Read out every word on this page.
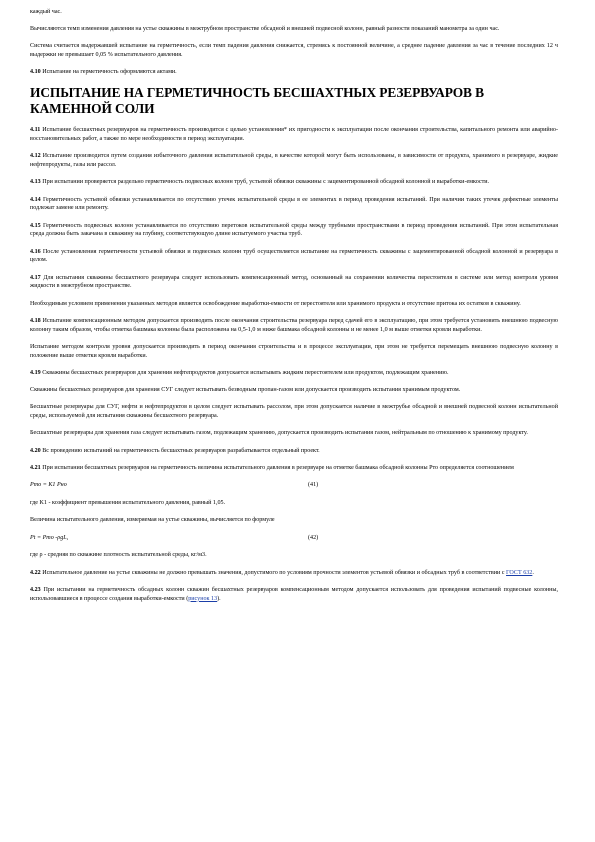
каждый час.

Вычисляются темп изменения давления на устье скважины в межтрубном пространстве обсадной и внешней подвесной колонн, равный разности показаний манометра за один час.

Система считается выдержавшей испытание на герметичность, если темп падения давления снижается, стремясь к постоянной величине, а среднее падение давления за час в течение последних 12 ч выдержки не превышает 0,05 % испытательного давления.

4.10 Испытание на герметичность оформляются актами.

ИСПЫТАНИЕ НА ГЕРМЕТИЧНОСТЬ БЕСШАХТНЫХ РЕЗЕРВУАРОВ В КАМЕННОЙ СОЛИ

4.11 Испытание бесшахтных резервуаров на герметичность производится с целью установления* их пригодности к эксплуатации после окончания строительства, капитального ремонта или аварийно-восстановительных работ, а также по мере необходимости в период эксплуатации.

4.12 Испытание производится путем создания избыточного давления испытательной среды, в качестве которой могут быть использованы, в зависимости от продукта, хранимого в резервуаре, жидкие нефтепродукты, газы или рассол.

4.13 При испытании проверяется раздельно герметичность подвесных колонн труб, устьевой обвязки скважины с зацементированной обсадной колонной и выработки-емкости.

4.14 Герметичность устьевой обвязки устанавливается по отсутствию утечек испытательной среды в ее элементах в период проведения испытаний. При наличии таких утечек дефектные элементы подлежат замене или ремонту.

4.15 Герметичность подвесных колонн устанавливается по отсутствию перетоков испытательной среды между трубными пространствами в период проведения испытаний. При этом испытательная среда должна быть закачана в скважину на глубину, соответствующую длине испытуемого участка труб.

4.16 После установления герметичности устьевой обвязки и подвесных колонн труб осуществляется испытание на герметичность скважины с зацементированной обсадной колонной и резервуара в целом.

4.17 Для испытания скважины бесшахтного резервуара следует использовать компенсационный метод, основанный на сохранении количества перестоятеля в системе или метод контроля уровня жидкости в межтрубном пространстве.

Необходимым условием применения указанных методов является освобождение выработки-емкости от перестоятеля или хранимого продукта и отсутствие притока их остатков в скважину.

4.18 Испытание компенсационным методом допускается производить после окончания строительства резервуара перед сдачей его в эксплуатацию, при этом требуется установить внешнюю подвесную колонну таким образом, чтобы отметка башмака колонны была расположена на 0,5-1,0 м ниже башмака обсадной колонны и не менее 1,0 м выше отметки кровли выработки.

Испытание методом контроля уровня допускается производить в период окончания строительства и в процессе эксплуатации, при этом не требуется перемещать внешнюю подвесную колонну в положение выше отметки кровли выработки.

4.19 Скважины бесшахтных резервуаров для хранения нефтепродуктов допускается испытывать жидким перестоятелем или продуктом, подлежащим хранению.

Скважины бесшахтных резервуаров для хранения СУГ следует испытывать безводным пропан-газом или допускается производить испытания хранимым продуктом.

Бесшахтные резервуары для СУГ, нефти и нефтепродуктов в целом следует испытывать рассолом, при этом допускается наличие в межтрубье обсадной и внешней подвесной колонн испытательной среды, используемой для испытания скважины бесшахтного резервуара.

Бесшахтные резервуары для хранения газа следует испытывать газом, подлежащим хранению, допускается производить испытания газом, нейтральным по отношению к хранимому продукту.

4.20 Вс проведению испытаний на герметичность бесшахтных резервуаров разрабатывается отдельный проект.

4.21 При испытании бесшахтных резервуаров на герметичность величина испытательного давления в резервуаре на отметке башмака обсадной колонны Pто определяется соотношением

Pто = K1 Pно	(41)

где K1 - коэффициент превышения испытательного давления, равный 1,05.

Величина испытательного давления, измеряемая на устье скважины, вычисляется по формуле

Pt = Pто -ρgL,	(42)

где ρ - средняя по скважине плотность испытательной среды, кг/м3.

4.22 Испытательное давление на устье скважины не должно превышать значения, допустимого по условиям прочности элементов устьевой обвязки и обсадных труб в соответствии с ГОСТ 632.

4.23 При испытании на герметичность обсадных колонн скважин бесшахтных резервуаров компенсационным методом допускается использовать для проведения испытаний подвесные колонны, использовавшиеся в процессе создания выработки-емкости (рисунок 13).
